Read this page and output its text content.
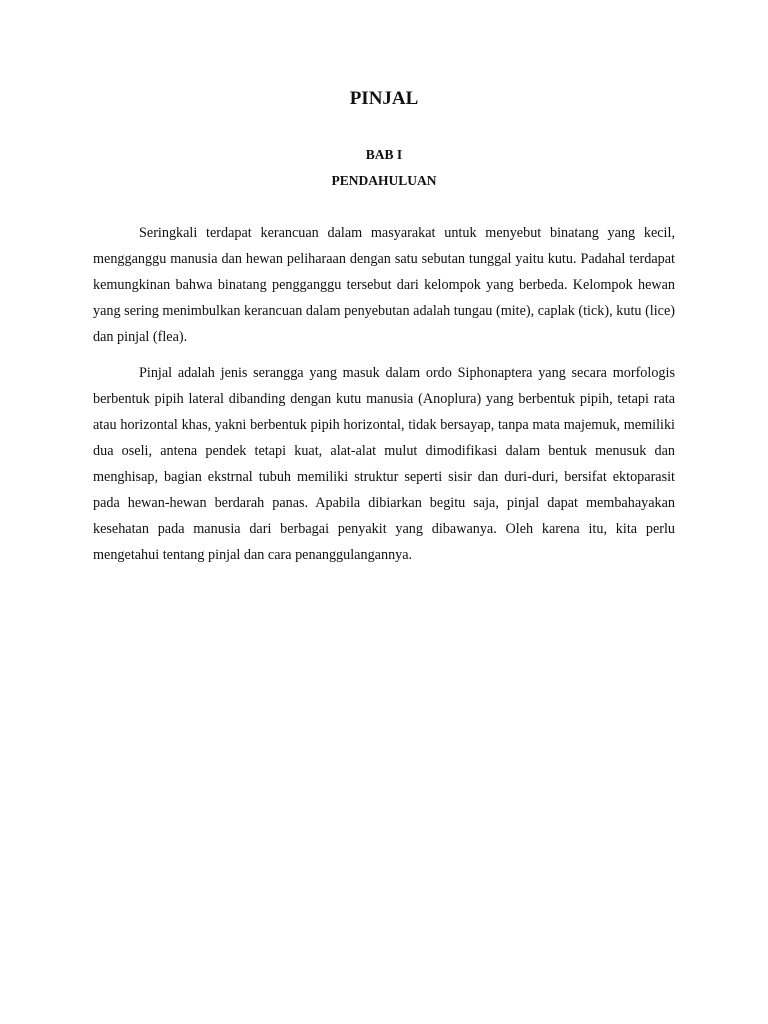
PINJAL
BAB I
PENDAHULUAN

Seringkali terdapat kerancuan dalam masyarakat untuk menyebut binatang yang kecil, mengganggu manusia dan hewan peliharaan dengan satu sebutan tunggal yaitu kutu. Padahal terdapat kemungkinan bahwa binatang pengganggu tersebut dari kelompok yang berbeda. Kelompok hewan yang sering menimbulkan kerancuan dalam penyebutan adalah tungau (mite), caplak (tick), kutu (lice) dan pinjal (flea).

Pinjal adalah jenis serangga yang masuk dalam ordo Siphonaptera yang secara morfologis berbentuk pipih lateral dibanding dengan kutu manusia (Anoplura) yang berbentuk pipih, tetapi rata atau horizontal khas, yakni berbentuk pipih horizontal, tidak bersayap, tanpa mata majemuk, memiliki dua oseli, antena pendek tetapi kuat, alat-alat mulut dimodifikasi dalam bentuk menusuk dan menghisap, bagian ekstrnal tubuh memiliki struktur seperti sisir dan duri-duri, bersifat ektoparasit pada hewan-hewan berdarah panas. Apabila dibiarkan begitu saja, pinjal dapat membahayakan kesehatan pada manusia dari berbagai penyakit yang dibawanya. Oleh karena itu, kita perlu mengetahui tentang pinjal dan cara penanggulangannya.
